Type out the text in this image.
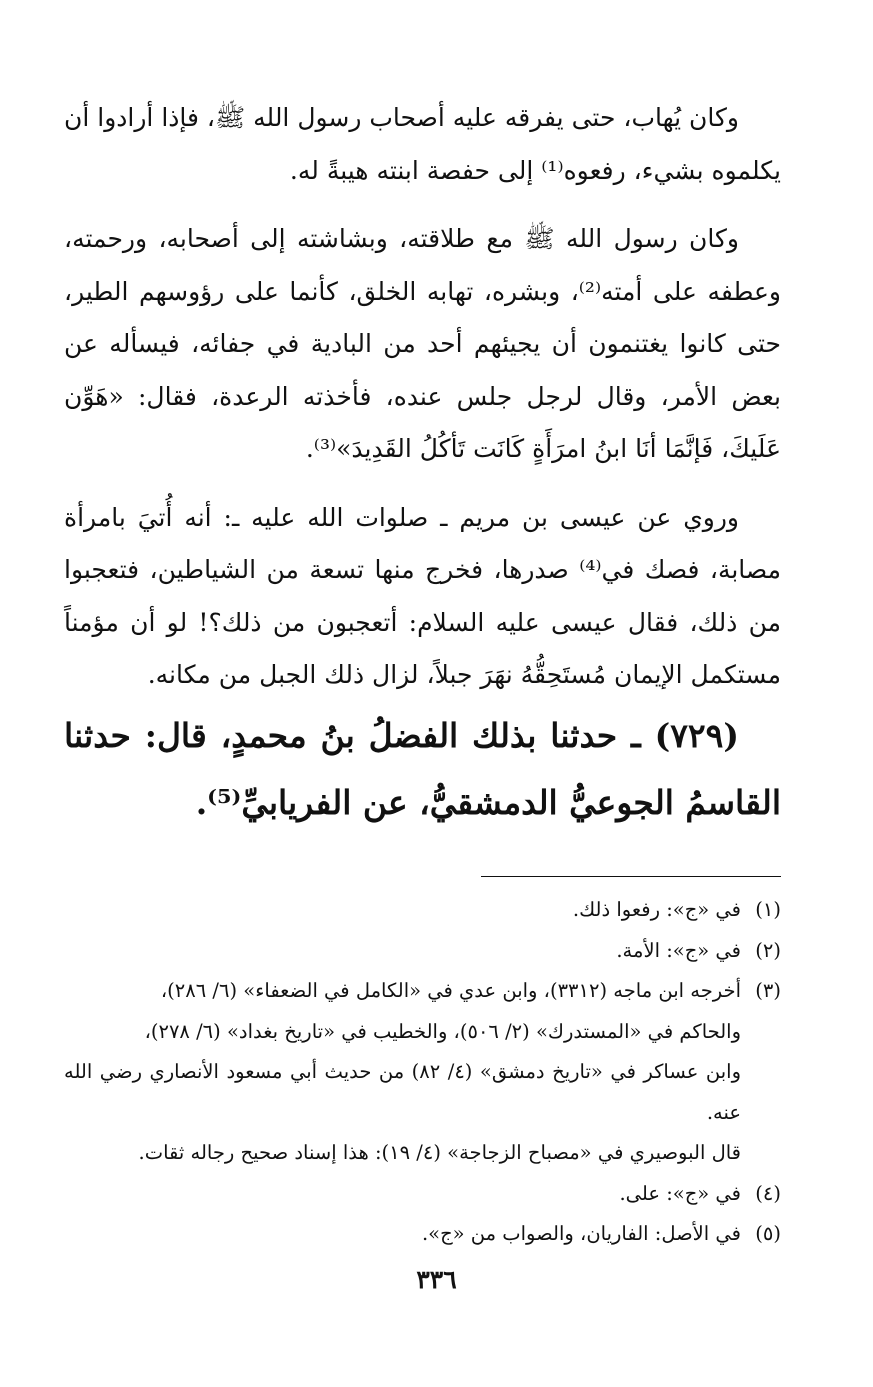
وكان يُهاب، حتى يفرقه عليه أصحاب رسول الله ﷺ، فإذا أرادوا أن يكلموه بشيء، رفعوه⁽¹⁾ إلى حفصة ابنته هيبةً له.

وكان رسول الله ﷺ مع طلاقته، وبشاشته إلى أصحابه، ورحمته، وعطفه على أمته⁽²⁾، وبشره، تهابه الخلق، كأنما على رؤوسهم الطير، حتى كانوا يغتنمون أن يجيئهم أحد من البادية في جفائه، فيسأله عن بعض الأمر، وقال لرجل جلس عنده، فأخذته الرعدة، فقال: «هَوِّن عَلَيكَ، فَإنَّمَا أنَا ابنُ امرَأَةٍ كَانَت تَأكُلُ القَدِيدَ»⁽³⁾.

وروي عن عيسى بن مريم ـ صلوات الله عليه ـ: أنه أُتيَ بامرأة مصابة، فصك في⁽⁴⁾ صدرها، فخرج منها تسعة من الشياطين، فتعجبوا من ذلك، فقال عيسى عليه السلام: أتعجبون من ذلك؟! لو أن مؤمناً مستكمل الإيمان مُستَحِقُّهُ نهَرَ جبلاً، لزال ذلك الجبل من مكانه.

(٧٢٩) ـ حدثنا بذلك الفضلُ بنُ محمدٍ، قال: حدثنا القاسمُ الجوعيُّ الدمشقيُّ، عن الفريابيِّ⁽⁵⁾.
(١)
في «ج»: رفعوا ذلك.
(٢)
في «ج»: الأمة.
(٣)
أخرجه ابن ماجه (٣٣١٢)، وابن عدي في «الكامل في الضعفاء» (٦/ ٢٨٦)،
والحاكم في «المستدرك» (٢/ ٥٠٦)، والخطيب في «تاريخ بغداد» (٦/ ٢٧٨)،
وابن عساكر في «تاريخ دمشق» (٤/ ٨٢) من حديث أبي مسعود الأنصاري رضي الله عنه.
قال البوصيري في «مصباح الزجاجة» (٤/ ١٩): هذا إسناد صحيح رجاله ثقات.
(٤)
في «ج»: على.
(٥)
في الأصل: الفاريان، والصواب من «ج».
٣٣٦
